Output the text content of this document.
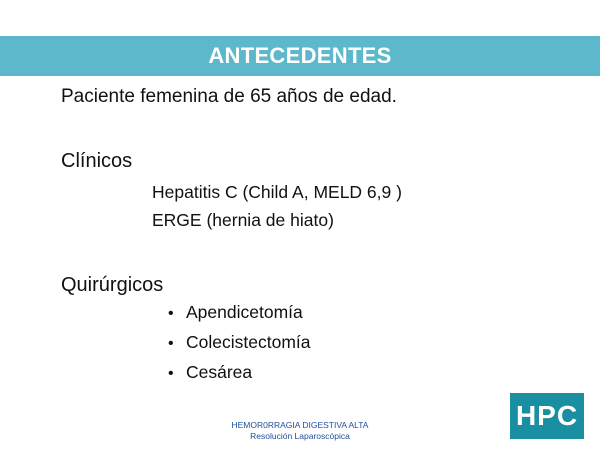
ANTECEDENTES
Paciente femenina de 65 años de edad.
Clínicos
Hepatitis C (Child A, MELD 6,9 )
ERGE (hernia de hiato)
Quirúrgicos
• Apendicetomía
• Colecistectomía
• Cesárea
HEMOR0RRAGIA DIGESTIVA ALTA
Resolución Laparoscópica
HPC
